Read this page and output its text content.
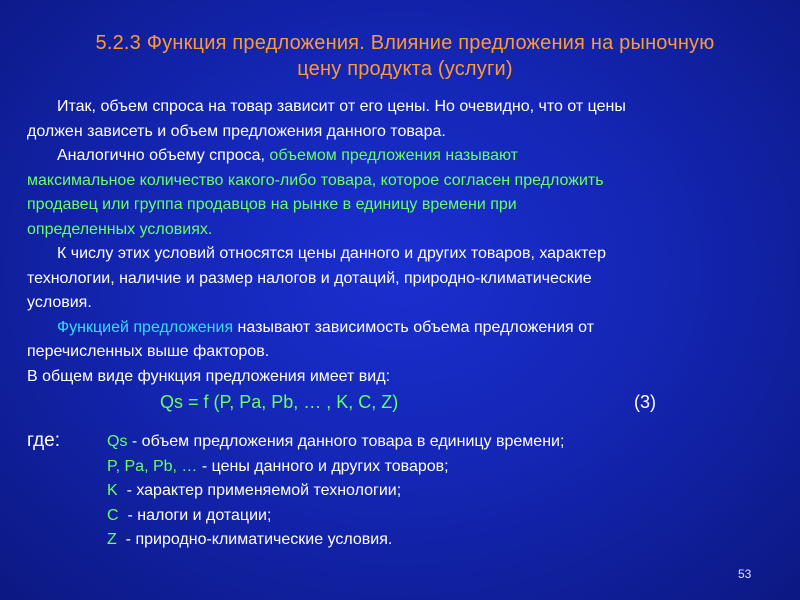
5.2.3 Функция предложения. Влияние предложения на рыночную
цену продукта (услуги)

Итак, объем спроса на товар зависит от его цены. Но очевидно, что от цены

должен зависеть и объем предложения данного товара.

Аналогично объему спроса, объемом предложения называют

максимальное количество какого-либо товара, которое согласен предложить

продавец или группа продавцов на рынке в единицу времени при

определенных условиях.

К числу этих условий относятся цены данного и других товаров, характер

технологии, наличие и размер налогов и дотаций, природно-климатические

условия.

Функцией предложения называют зависимость объема предложения от

перечисленных выше факторов.

В общем виде функция предложения имеет вид:

Qs = f (P, Pa, Pb, … , K, C, Z)	(3)
где:	Qs - объем предложения данного товара в единицу времени;

P, Pa, Pb, … - цены данного и других товаров;

K  - характер применяемой технологии;

C  - налоги и дотации;

Z  - природно-климатические условия.

53
